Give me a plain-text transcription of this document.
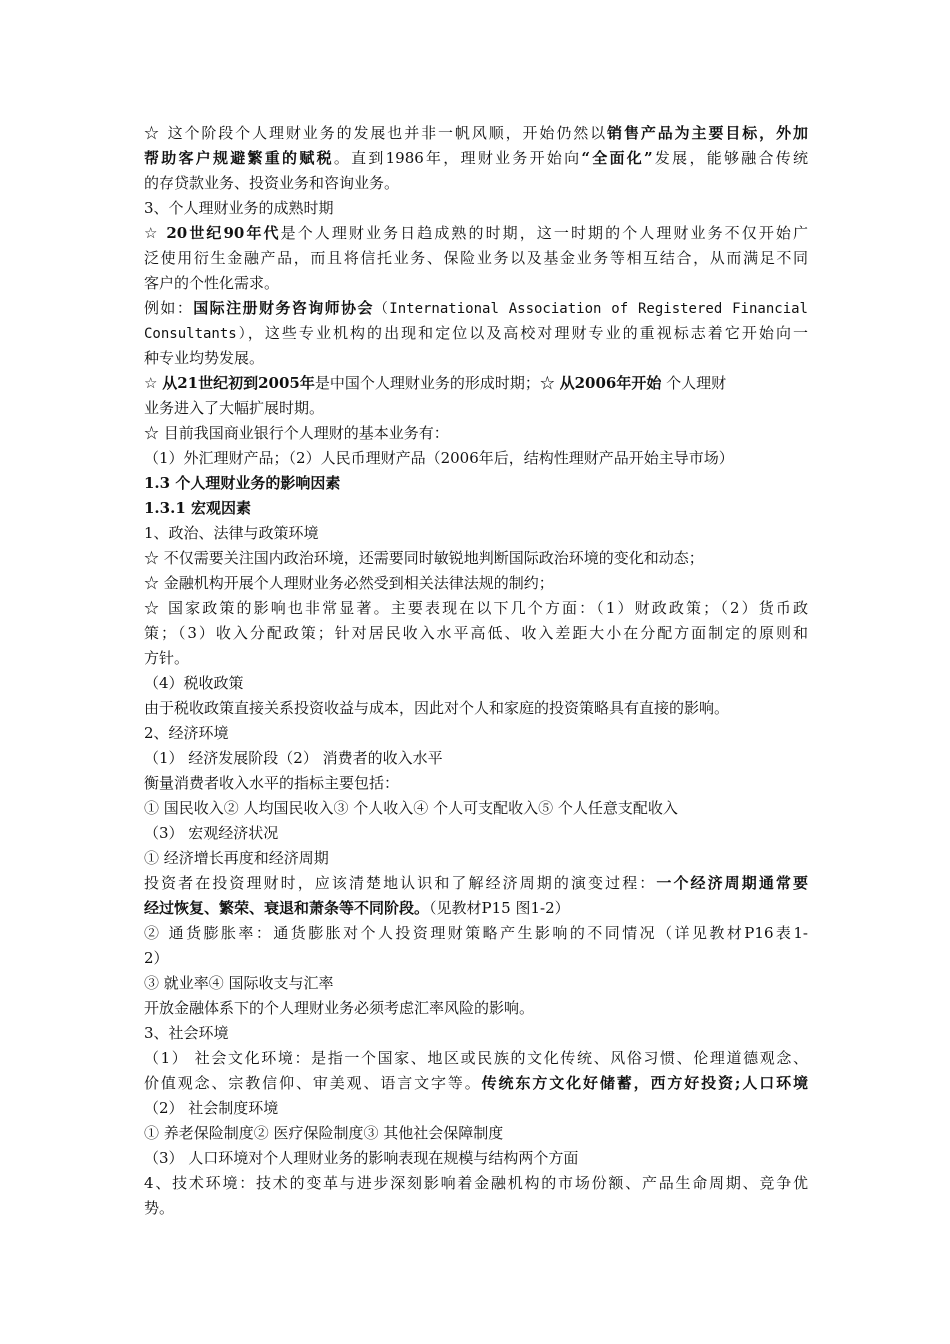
☆ 这个阶段个人理财业务的发展也并非一帆风顺，开始仍然以销售产品为主要目标，外加

帮助客户规避繁重的赋税。直到1986年，理财业务开始向“全面化”发展，能够融合传统

的存贷款业务、投资业务和咨询业务。

3、个人理财业务的成熟时期

☆ 20世纪90年代是个人理财业务日趋成熟的时期，这一时期的个人理财业务不仅开始广

泛使用衍生金融产品，而且将信托业务、保险业务以及基金业务等相互结合，从而满足不同

客户的个性化需求。

例如：国际注册财务咨询师协会（International Association of Registered Financial

Consultants），这些专业机构的出现和定位以及高校对理财专业的重视标志着它开始向一

种专业均势发展。

☆ 从21世纪初到2005年是中国个人理财业务的形成时期；☆ 从2006年开始 个人理财

业务进入了大幅扩展时期。

☆ 目前我国商业银行个人理财的基本业务有：

（1）外汇理财产品；（2）人民币理财产品（2006年后，结构性理财产品开始主导市场）

1.3 个人理财业务的影响因素

1.3.1 宏观因素

1、政治、法律与政策环境

☆ 不仅需要关注国内政治环境，还需要同时敏锐地判断国际政治环境的变化和动态；

☆ 金融机构开展个人理财业务必然受到相关法律法规的制约；

☆ 国家政策的影响也非常显著。主要表现在以下几个方面：（1）财政政策；（2）货币政

策；（3）收入分配政策；针对居民收入水平高低、收入差距大小在分配方面制定的原则和

方针。

（4）税收政策

由于税收政策直接关系投资收益与成本，因此对个人和家庭的投资策略具有直接的影响。

2、经济环境

（1） 经济发展阶段（2） 消费者的收入水平

衡量消费者收入水平的指标主要包括：

① 国民收入② 人均国民收入③ 个人收入④ 个人可支配收入⑤ 个人任意支配收入

（3） 宏观经济状况

① 经济增长再度和经济周期

投资者在投资理财时，应该清楚地认识和了解经济周期的演变过程：一个经济周期通常要

经过恢复、繁荣、衰退和萧条等不同阶段。（见教材P15 图1-2）

② 通货膨胀率：通货膨胀对个人投资理财策略产生影响的不同情况（详见教材P16表1-

2）

③ 就业率④ 国际收支与汇率

开放金融体系下的个人理财业务必须考虑汇率风险的影响。

3、社会环境

（1） 社会文化环境：是指一个国家、地区或民族的文化传统、风俗习惯、伦理道德观念、

价值观念、宗教信仰、审美观、语言文字等。传统东方文化好储蓄，西方好投资;人口环境

（2） 社会制度环境

① 养老保险制度② 医疗保险制度③ 其他社会保障制度

（3） 人口环境对个人理财业务的影响表现在规模与结构两个方面

4、技术环境：技术的变革与进步深刻影响着金融机构的市场份额、产品生命周期、竞争优

势。
